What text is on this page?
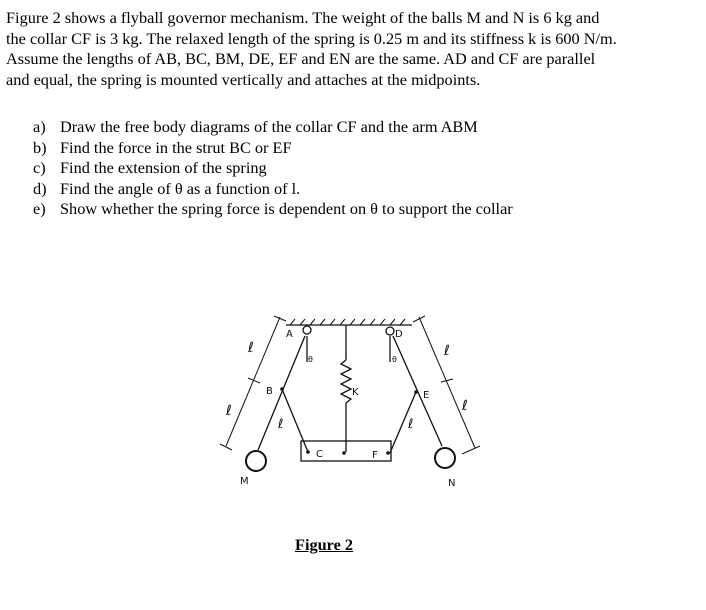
Figure 2 shows a flyball governor mechanism. The weight of the balls M and N is 6 kg and
the collar CF is 3 kg. The relaxed length of the spring is 0.25 m and its stiffness k is 600 N/m.
Assume the lengths of AB, BC, BM, DE, EF and EN are the same. AD and CF are parallel
and equal, the spring is mounted vertically and attaches at the midpoints.
a) Draw the free body diagrams of the collar CF and the arm ABM
b) Find the force in the strut BC or EF
c) Find the extension of the spring
d) Find the angle of θ as a function of l.
e) Show whether the spring force is dependent on θ to support the collar
A
B
C
D
E
F
K
M	N
θ	θ
ℓ
ℓ
ℓ	ℓ
ℓ
ℓ
Figure 2
